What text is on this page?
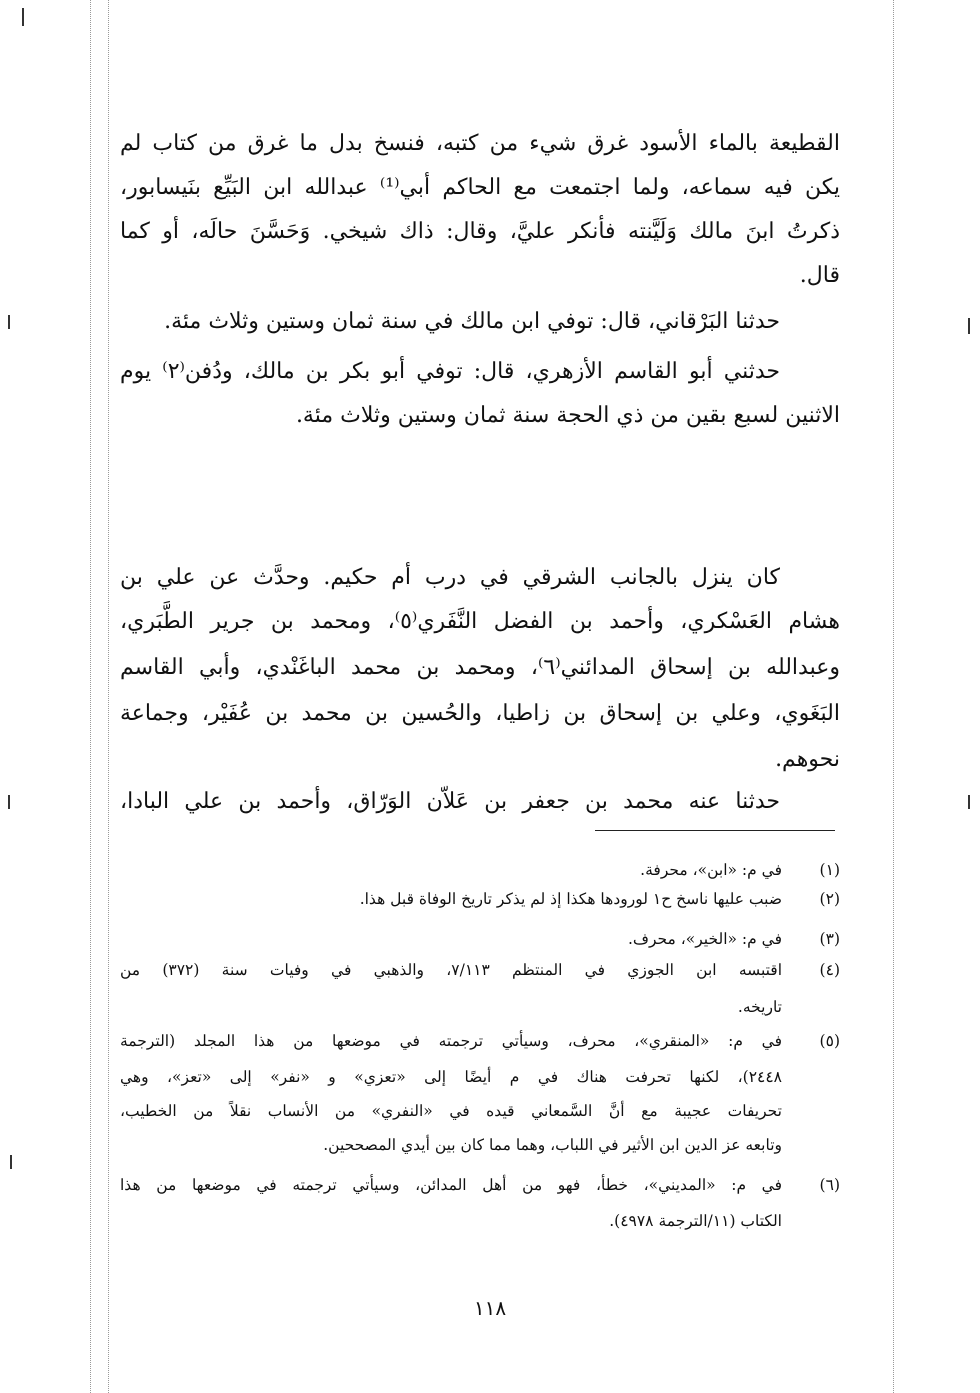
القطيعة بالماء الأسود غرق شيء من كتبه، فنسخ بدل ما غرق من كتاب لم
يكن فيه سماعه، ولما اجتمعت مع الحاكم أبي⁽¹⁾ عبدالله ابن البَيِّع بنَيسابور،
ذكرتُ ابنَ مالك وَلَيَّنته فأنكر عليَّ، وقال: ذاك شيخي. وَحَسَّنَ حالَه، أو كما
قال.
حدثنا البَرْقاني، قال: توفي ابن مالك في سنة ثمان وستين وثلاث مئة.
حدثني أبو القاسم الأزهري، قال: توفي أبو بكر بن مالك، ودُفن⁽٢⁾ يوم
الاثنين لسبع بقين من ذي الحجة سنة ثمان وستين وثلاث مئة.
كان ينزل بالجانب الشرقي في درب أم حكيم. وحدَّث عن علي بن
هشام العَسْكري، وأحمد بن الفضل النَّفَري⁽٥⁾، ومحمد بن جرير الطَّبَري،
وعبدالله بن إسحاق المدائني⁽٦⁾، ومحمد بن محمد الباغَنْدي، وأبي القاسم
البَغَوي، وعلي بن إسحاق بن زاطيا، والحُسين بن محمد بن عُفَيْر، وجماعة
نحوهم.
حدثنا عنه محمد بن جعفر بن عَلاّن الوَرّاق، وأحمد بن علي البادا،
(١)
في م: «ابن»، محرفة.
(٢)
ضبب عليها ناسخ ح١ لورودها هكذا إذ لم يذكر تاريخ الوفاة قبل هذا.
(٣)
في م: «الخير»، محرف.
(٤)
اقتبسه ابن الجوزي في المنتظم ٧/١١٣، والذهبي في وفيات سنة (٣٧٢) من
تاريخه.
(٥)
في م: «المنقري»، محرف، وسيأتي ترجمته في موضعها من هذا المجلد (الترجمة
٢٤٤٨)، لكنها تحرفت هناك في م أيضًا إلى «تعزي» و «نفر» إلى «تعز»، وهي
تحريفات عجيبة مع أنَّ السَّمعاني قيده في «النفري» من الأنساب نقلاً من الخطيب،
وتابعه عز الدين ابن الأثير في اللباب، وهما مما كان بين أيدي المصححين.
(٦)
في م: «المديني»، خطأ، فهو من أهل المدائن، وسيأتي ترجمته في موضعها من هذا
الكتاب (١١/الترجمة ٤٩٧٨).
١١٨
